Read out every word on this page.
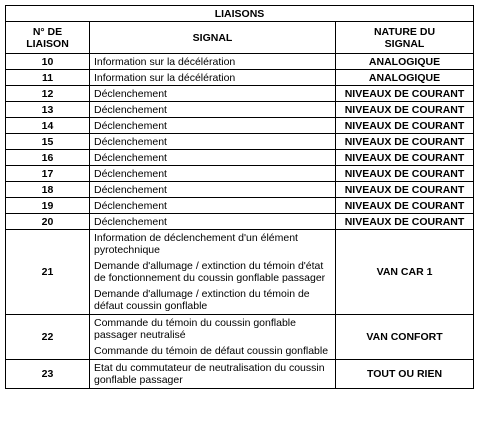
LIAISONS		

N° DE
LIAISON	SIGNAL	NATURE DU
SIGNAL

10	Information sur la décélération	ANALOGIQUE
11	Information sur la décélération	ANALOGIQUE
12	Déclenchement	NIVEAUX DE COURANT
13	Déclenchement	NIVEAUX DE COURANT
14	Déclenchement	NIVEAUX DE COURANT
15	Déclenchement	NIVEAUX DE COURANT
16	Déclenchement	NIVEAUX DE COURANT
17	Déclenchement	NIVEAUX DE COURANT
18	Déclenchement	NIVEAUX DE COURANT
19	Déclenchement	NIVEAUX DE COURANT
20	Déclenchement	NIVEAUX DE COURANT
21	Information de déclenchement d'un élément pyrotechnique
Demande d'allumage / extinction du témoin d'état de fonctionnement du coussin gonflable passager
Demande d'allumage / extinction du témoin de défaut coussin gonflable	VAN CAR 1
22	Commande du témoin du coussin gonflable passager neutralisé
Commande du témoin de défaut coussin gonflable	VAN CONFORT
23	Etat du commutateur de neutralisation du coussin gonflable passager	TOUT OU RIEN
